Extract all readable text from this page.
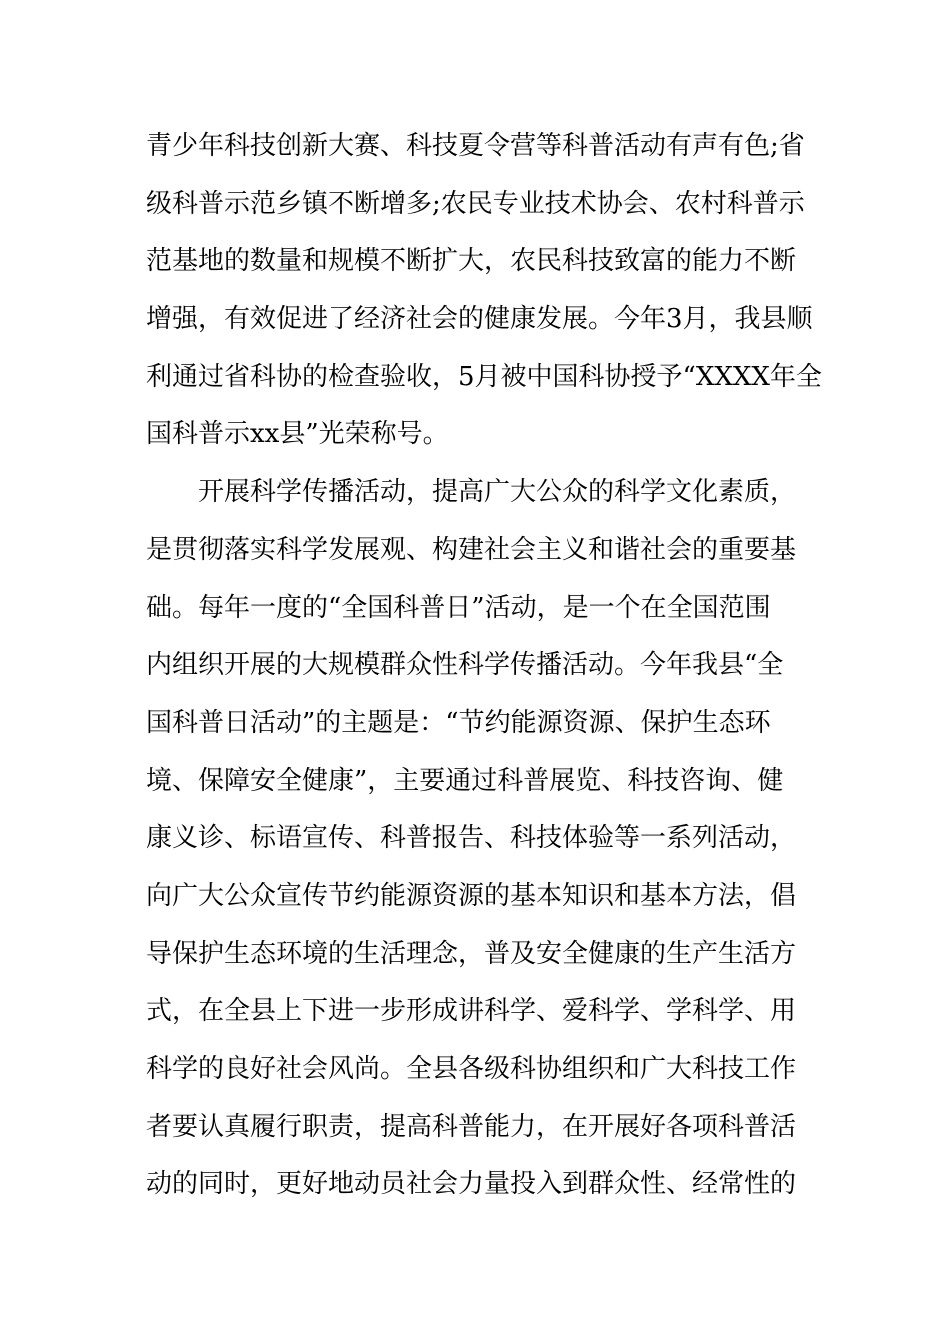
青少年科技创新大赛、科技夏令营等科普活动有声有色;省
级科普示范乡镇不断增多;农民专业技术协会、农村科普示
范基地的数量和规模不断扩大，农民科技致富的能力不断
增强，有效促进了经济社会的健康发展。今年3月，我县顺
利通过省科协的检查验收，5月被中国科协授予“XXXX年全
国科普示xx县”光荣称号。
　　开展科学传播活动，提高广大公众的科学文化素质，
是贯彻落实科学发展观、构建社会主义和谐社会的重要基
础。每年一度的“全国科普日”活动，是一个在全国范围
内组织开展的大规模群众性科学传播活动。今年我县“全
国科普日活动”的主题是：“节约能源资源、保护生态环
境、保障安全健康”，主要通过科普展览、科技咨询、健
康义诊、标语宣传、科普报告、科技体验等一系列活动，
向广大公众宣传节约能源资源的基本知识和基本方法，倡
导保护生态环境的生活理念，普及安全健康的生产生活方
式，在全县上下进一步形成讲科学、爱科学、学科学、用
科学的良好社会风尚。全县各级科协组织和广大科技工作
者要认真履行职责，提高科普能力，在开展好各项科普活
动的同时，更好地动员社会力量投入到群众性、经常性的
